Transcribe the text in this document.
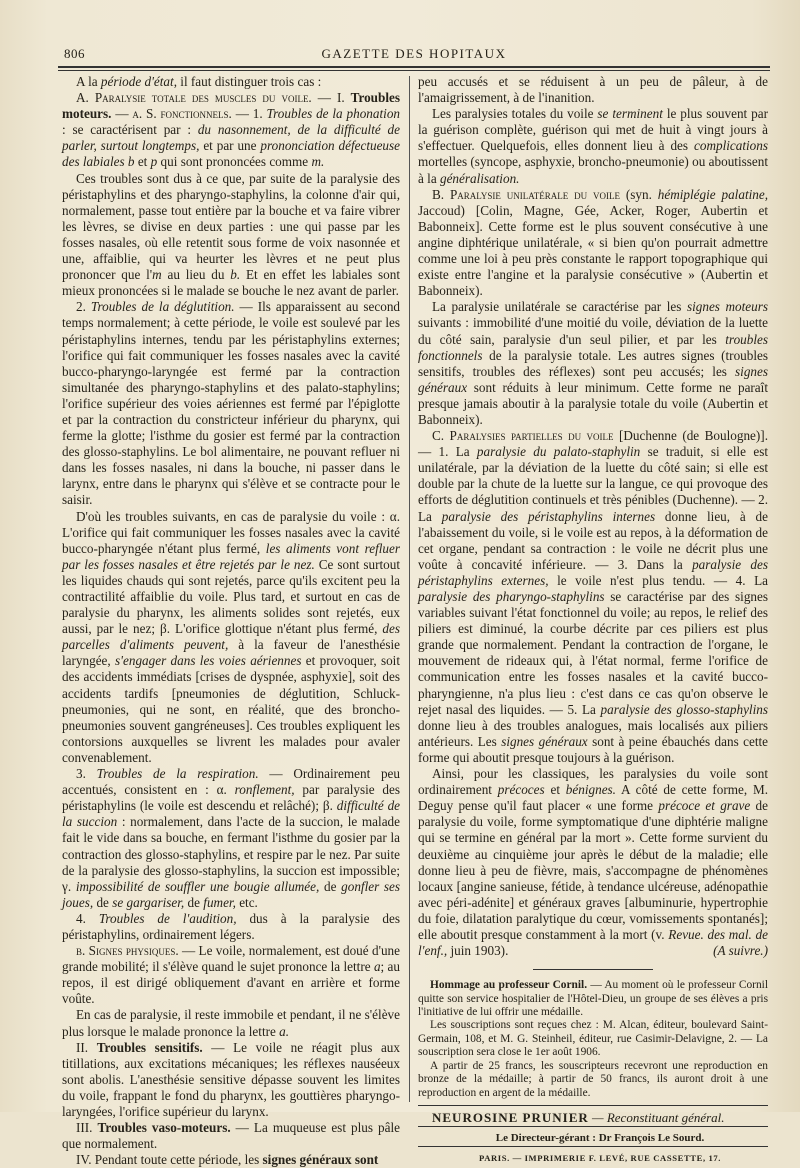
806	GAZETTE DES HOPITAUX

A la période d'état, il faut distinguer trois cas :

A. Paralysie totale des muscles du voile. — I. Troubles moteurs. — a. S. fonctionnels. — 1. Troubles de la phonation : se caractérisent par : du nasonnement, de la difficulté de parler, surtout longtemps, et par une prononciation défectueuse des labiales b et p qui sont prononcées comme m.

Ces troubles sont dus à ce que, par suite de la paralysie des péristaphylins et des pharyngo-staphylins, la colonne d'air qui, normalement, passe tout entière par la bouche et va faire vibrer les lèvres, se divise en deux parties : une qui passe par les fosses nasales, où elle retentit sous forme de voix nasonnée et une, affaiblie, qui va heurter les lèvres et ne peut plus prononcer que l'm au lieu du b. Et en effet les labiales sont mieux prononcées si le malade se bouche le nez avant de parler.

2. Troubles de la déglutition. — Ils apparaissent au second temps normalement; à cette période, le voile est soulevé par les péristaphylins internes, tendu par les péristaphylins externes; l'orifice qui fait communiquer les fosses nasales avec la cavité bucco-pharyngo-laryngée est fermé par la contraction simultanée des pharyngo-staphylins et des palato-staphylins; l'orifice supérieur des voies aériennes est fermé par l'épiglotte et par la contraction du constricteur inférieur du pharynx, qui ferme la glotte; l'isthme du gosier est fermé par la contraction des glosso-staphylins. Le bol alimentaire, ne pouvant refluer ni dans les fosses nasales, ni dans la bouche, ni passer dans le larynx, entre dans le pharynx qui s'élève et se contracte pour le saisir.

D'où les troubles suivants, en cas de paralysie du voile : α. L'orifice qui fait communiquer les fosses nasales avec la cavité bucco-pharyngée n'étant plus fermé, les aliments vont refluer par les fosses nasales et être rejetés par le nez. Ce sont surtout les liquides chauds qui sont rejetés, parce qu'ils excitent peu la contractilité affaiblie du voile. Plus tard, et surtout en cas de paralysie du pharynx, les aliments solides sont rejetés, eux aussi, par le nez; β. L'orifice glottique n'étant plus fermé, des parcelles d'aliments peuvent, à la faveur de l'anesthésie laryngée, s'engager dans les voies aériennes et provoquer, soit des accidents immédiats [crises de dyspnée, asphyxie], soit des accidents tardifs [pneumonies de déglutition, Schluck-pneumonies, qui ne sont, en réalité, que des broncho-pneumonies souvent gangréneuses]. Ces troubles expliquent les contorsions auxquelles se livrent les malades pour avaler convenablement.

3. Troubles de la respiration. — Ordinairement peu accentués, consistent en : α. ronflement, par paralysie des péristaphylins (le voile est descendu et relâché); β. difficulté de la succion : normalement, dans l'acte de la succion, le malade fait le vide dans sa bouche, en fermant l'isthme du gosier par la contraction des glosso-staphylins, et respire par le nez. Par suite de la paralysie des glosso-staphylins, la succion est impossible; γ. impossibilité de souffler une bougie allumée, de gonfler ses joues, de se gargariser, de fumer, etc.

4. Troubles de l'audition, dus à la paralysie des péristaphylins, ordinairement légers.

b. Signes physiques. — Le voile, normalement, est doué d'une grande mobilité; il s'élève quand le sujet prononce la lettre a; au repos, il est dirigé obliquement d'avant en arrière et forme voûte.

En cas de paralysie, il reste immobile et pendant, il ne s'élève plus lorsque le malade prononce la lettre a.

II. Troubles sensitifs. — Le voile ne réagit plus aux titillations, aux excitations mécaniques; les réflexes nauséeux sont abolis. L'anesthésie sensitive dépasse souvent les limites du voile, frappant le fond du pharynx, les gouttières pharyngo-laryngées, l'orifice supérieur du larynx.

III. Troubles vaso-moteurs. — La muqueuse est plus pâle que normalement.

IV. Pendant toute cette période, les signes généraux sont

peu accusés et se réduisent à un peu de pâleur, à de l'amaigrissement, à de l'inanition.

Les paralysies totales du voile se terminent le plus souvent par la guérison complète, guérison qui met de huit à vingt jours à s'effectuer. Quelquefois, elles donnent lieu à des complications mortelles (syncope, asphyxie, broncho-pneumonie) ou aboutissent à la généralisation.

B. Paralysie unilatérale du voile (syn. hémiplégie palatine, Jaccoud) [Colin, Magne, Gée, Acker, Roger, Aubertin et Babonneix]. Cette forme est le plus souvent consécutive à une angine diphtérique unilatérale, « si bien qu'on pourrait admettre comme une loi à peu près constante le rapport topographique qui existe entre l'angine et la paralysie consécutive » (Aubertin et Babonneix).

La paralysie unilatérale se caractérise par les signes moteurs suivants : immobilité d'une moitié du voile, déviation de la luette du côté sain, paralysie d'un seul pilier, et par les troubles fonctionnels de la paralysie totale. Les autres signes (troubles sensitifs, troubles des réflexes) sont peu accusés; les signes généraux sont réduits à leur minimum. Cette forme ne paraît presque jamais aboutir à la paralysie totale du voile (Aubertin et Babonneix).

C. Paralysies partielles du voile [Duchenne (de Boulogne)]. — 1. La paralysie du palato-staphylin se traduit, si elle est unilatérale, par la déviation de la luette du côté sain; si elle est double par la chute de la luette sur la langue, ce qui provoque des efforts de déglutition continuels et très pénibles (Duchenne). — 2. La paralysie des péristaphylins internes donne lieu, à de l'abaissement du voile, si le voile est au repos, à la déformation de cet organe, pendant sa contraction : le voile ne décrit plus une voûte à concavité inférieure. — 3. Dans la paralysie des péristaphylins externes, le voile n'est plus tendu. — 4. La paralysie des pharyngo-staphylins se caractérise par des signes variables suivant l'état fonctionnel du voile; au repos, le relief des piliers est diminué, la courbe décrite par ces piliers est plus grande que normalement. Pendant la contraction de l'organe, le mouvement de rideaux qui, à l'état normal, ferme l'orifice de communication entre les fosses nasales et la cavité bucco-pharyngienne, n'a plus lieu : c'est dans ce cas qu'on observe le rejet nasal des liquides. — 5. La paralysie des glosso-staphylins donne lieu à des troubles analogues, mais localisés aux piliers antérieurs. Les signes généraux sont à peine ébauchés dans cette forme qui aboutit presque toujours à la guérison.

Ainsi, pour les classiques, les paralysies du voile sont ordinairement précoces et bénignes. A côté de cette forme, M. Deguy pense qu'il faut placer « une forme précoce et grave de paralysie du voile, forme symptomatique d'une diphtérie maligne qui se termine en général par la mort ». Cette forme survient du deuxième au cinquième jour après le début de la maladie; elle donne lieu à peu de fièvre, mais, s'accompagne de phénomènes locaux [angine sanieuse, fétide, à tendance ulcéreuse, adénopathie avec péri-adénite] et généraux graves [albuminurie, hypertrophie du foie, dilatation paralytique du cœur, vomissements spontanés]; elle aboutit presque constamment à la mort (v. Revue. des mal. de l'enf., juin 1903).	(A suivre.)

Hommage au professeur Cornil. — Au moment où le professeur Cornil quitte son service hospitalier de l'Hôtel-Dieu, un groupe de ses élèves a pris l'initiative de lui offrir une médaille.

Les souscriptions sont reçues chez : M. Alcan, éditeur, boulevard Saint-Germain, 108, et M. G. Steinheil, éditeur, rue Casimir-Delavigne, 2. — La souscription sera close le 1er août 1906.

A partir de 25 francs, les souscripteurs recevront une reproduction en bronze de la médaille; à partir de 50 francs, ils auront droit à une reproduction en argent de la médaille.

NEUROSINE PRUNIER — Reconstituant général.

Le Directeur-gérant : Dr François Le Sourd.

PARIS. — IMPRIMERIE F. LEVÉ, RUE CASSETTE, 17.
